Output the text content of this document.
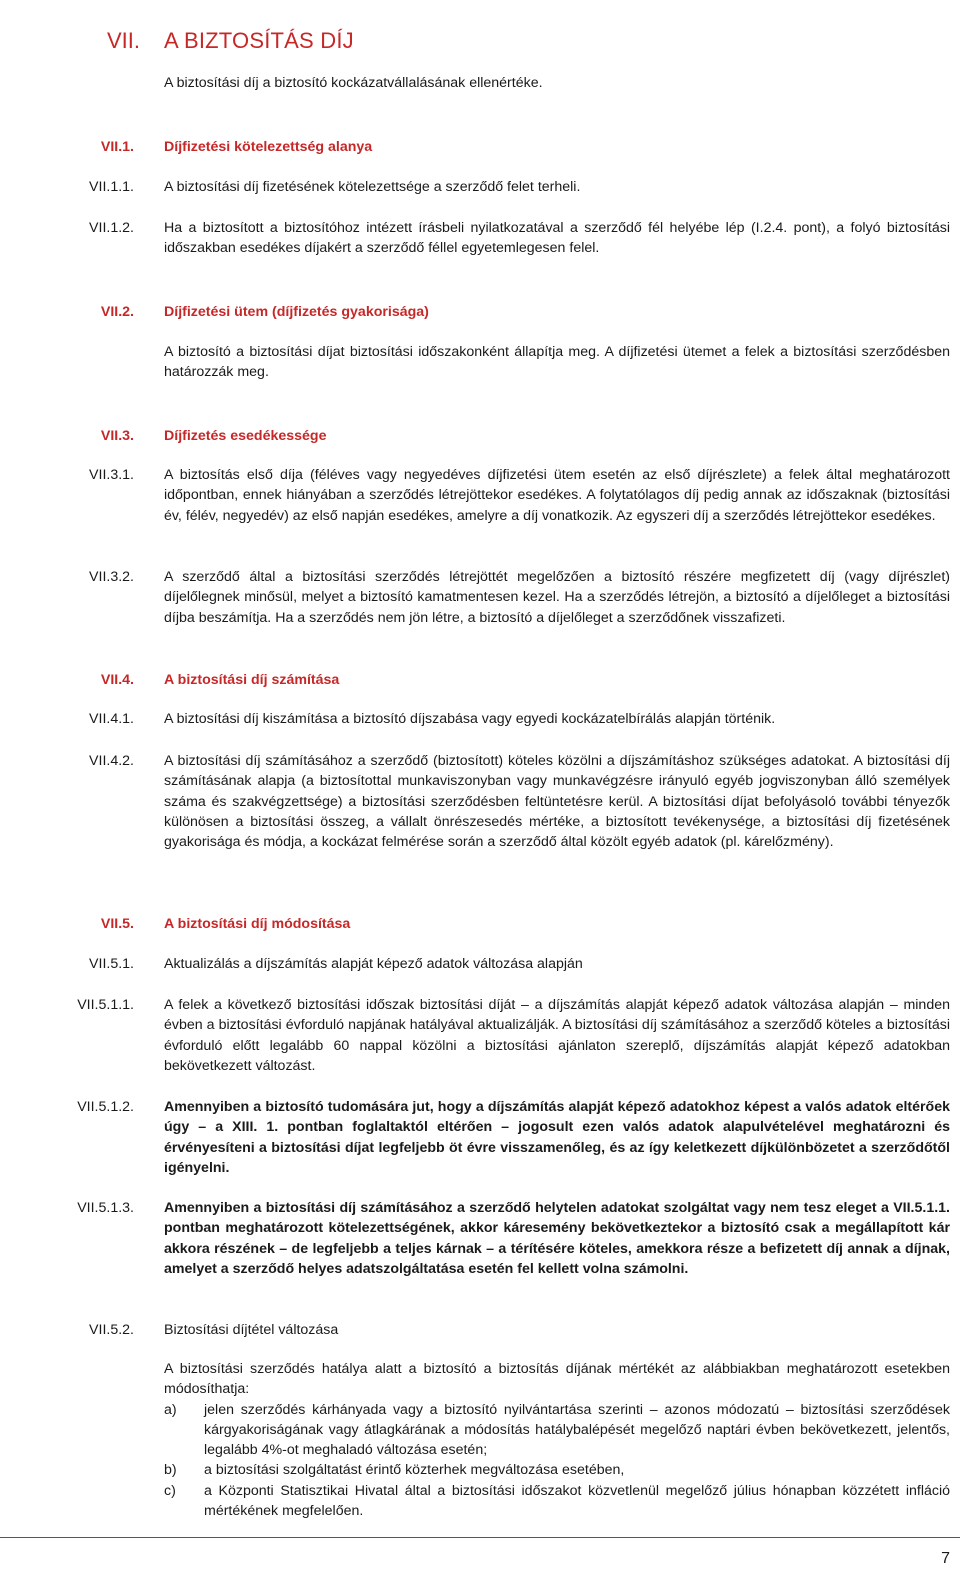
VII. A BIZTOSÍTÁS DÍJ
A biztosítási díj a biztosító kockázatvállalásának ellenértéke.
VII.1. Díjfizetési kötelezettség alanya
VII.1.1. A biztosítási díj fizetésének kötelezettsége a szerződő felet terheli.
VII.1.2. Ha a biztosított a biztosítóhoz intézett írásbeli nyilatkozatával a szerződő fél helyébe lép (I.2.4. pont), a folyó biztosítási időszakban esedékes díjakért a szerződő féllel egyetemlegesen felel.
VII.2. Díjfizetési ütem (díjfizetés gyakorisága)
A biztosító a biztosítási díjat biztosítási időszakonként állapítja meg. A díjfizetési ütemet a felek a biztosítási szerződésben határozzák meg.
VII.3. Díjfizetés esedékessége
VII.3.1. A biztosítás első díja (féléves vagy negyedéves díjfizetési ütem esetén az első díjrészlete) a felek által meghatározott időpontban, ennek hiányában a szerződés létrejöttekor esedékes. A folytatólagos díj pedig annak az időszaknak (biztosítási év, félév, negyedév) az első napján esedékes, amelyre a díj vonatkozik. Az egyszeri díj a szerződés létrejöttekor esedékes.
VII.3.2. A szerződő által a biztosítási szerződés létrejöttét megelőzően a biztosító részére megfizetett díj (vagy díjrészlet) díjelőlegnek minősül, melyet a biztosító kamatmentesen kezel. Ha a szerződés létrejön, a biztosító a díjelőleget a biztosítási díjba beszámítja. Ha a szerződés nem jön létre, a biztosító a díjelőleget a szerződőnek visszafizeti.
VII.4. A biztosítási díj számítása
VII.4.1. A biztosítási díj kiszámítása a biztosító díjszabása vagy egyedi kockázatelbírálás alapján történik.
VII.4.2. A biztosítási díj számításához a szerződő (biztosított) köteles közölni a díjszámításhoz szükséges adatokat. A biztosítási díj számításának alapja (a biztosítottal munkaviszonyban vagy munkavégzésre irányuló egyéb jogviszonyban álló személyek száma és szakvégzettsége) a biztosítási szerződésben feltüntetésre kerül. A biztosítási díjat befolyásoló további tényezők különösen a biztosítási összeg, a vállalt önrészesedés mértéke, a biztosított tevékenysége, a biztosítási díj fizetésének gyakorisága és módja, a kockázat felmérése során a szerződő által közölt egyéb adatok (pl. kárelőzmény).
VII.5. A biztosítási díj módosítása
VII.5.1. Aktualizálás a díjszámítás alapját képező adatok változása alapján
VII.5.1.1. A felek a következő biztosítási időszak biztosítási díját – a díjszámítás alapját képező adatok változása alapján – minden évben a biztosítási évforduló napjának hatályával aktualizálják. A biztosítási díj számításához a szerződő köteles a biztosítási évforduló előtt legalább 60 nappal közölni a biztosítási ajánlaton szereplő, díjszámítás alapját képező adatokban bekövetkezett változást.
VII.5.1.2. Amennyiben a biztosító tudomására jut, hogy a díjszámítás alapját képező adatokhoz képest a valós adatok eltérőek úgy – a XIII. 1. pontban foglaltaktól eltérően – jogosult ezen valós adatok alapulvételével meghatározni és érvényesíteni a biztosítási díjat legfeljebb öt évre visszamenőleg, és az így keletkezett díjkülönbözetet a szerződőtől igényelni.
VII.5.1.3. Amennyiben a biztosítási díj számításához a szerződő helytelen adatokat szolgáltat vagy nem tesz eleget a VII.5.1.1. pontban meghatározott kötelezettségének, akkor káresemény bekövetkeztekor a biztosító csak a megállapított kár akkora részének – de legfeljebb a teljes kárnak – a térítésére köteles, amekkora része a befizetett díj annak a díjnak, amelyet a szerződő helyes adatszolgáltatása esetén fel kellett volna számolni.
VII.5.2. Biztosítási díjtétel változása
A biztosítási szerződés hatálya alatt a biztosító a biztosítás díjának mértékét az alábbiakban meghatározott esetekben módosíthatja:
a)	jelen szerződés kárhányada vagy a biztosító nyilvántartása szerinti – azonos módozatú – biztosítási szerződések kárgyakoriságának vagy átlagkárának a módosítás hatálybalépését megelőző naptári évben bekövetkezett, jelentős, legalább 4%-ot meghaladó változása esetén;
b)	a biztosítási szolgáltatást érintő közterhek megváltozása esetében,
c)	a Központi Statisztikai Hivatal által a biztosítási időszakot közvetlenül megelőző július hónapban közzétett infláció mértékének megfelelően.
7
